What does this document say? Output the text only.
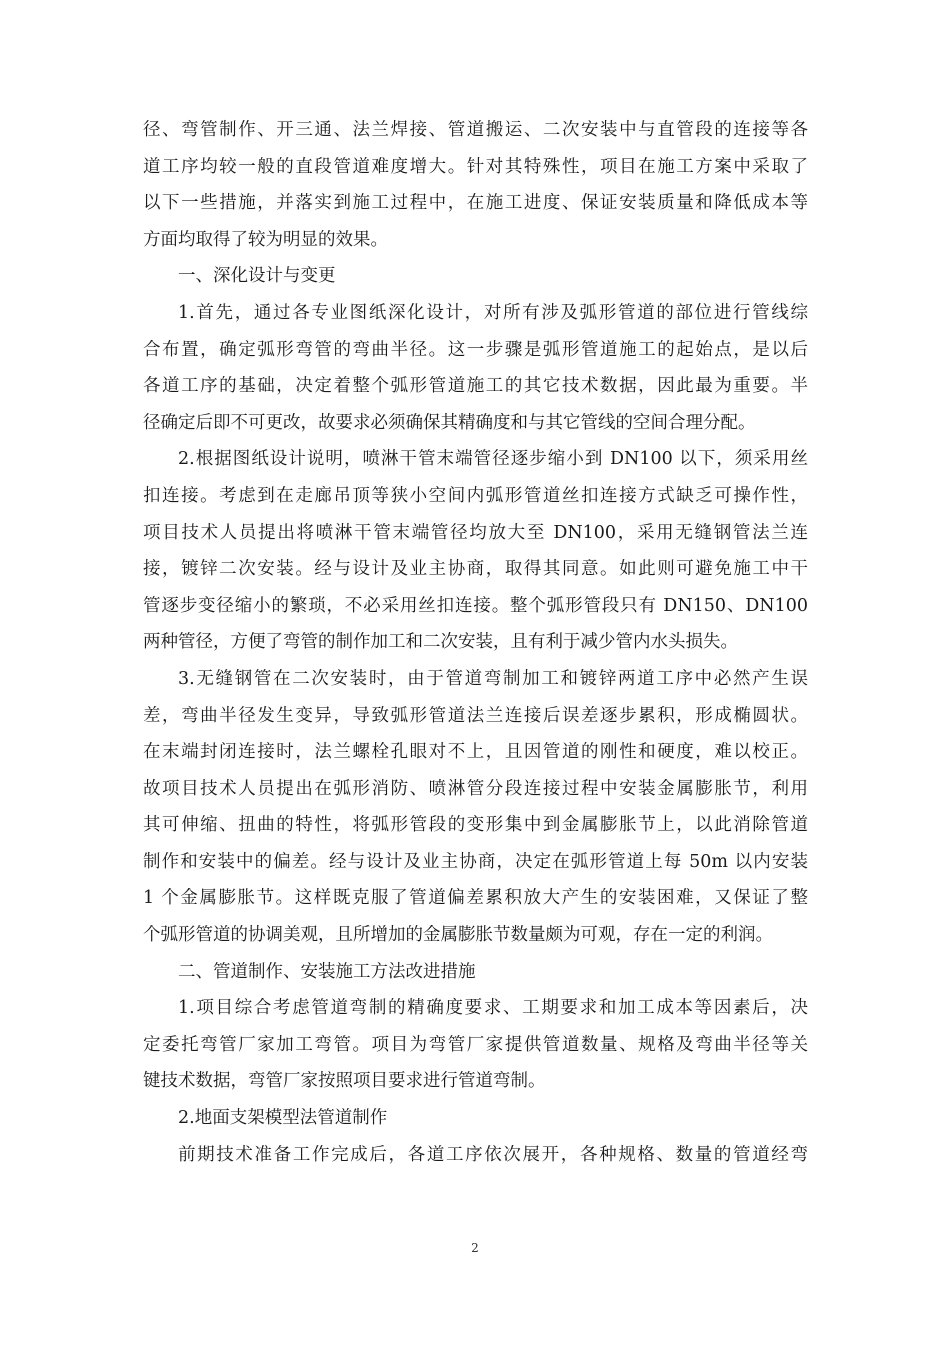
径、弯管制作、开三通、法兰焊接、管道搬运、二次安装中与直管段的连接等各
道工序均较一般的直段管道难度增大。针对其特殊性，项目在施工方案中采取了
以下一些措施，并落实到施工过程中，在施工进度、保证安装质量和降低成本等
方面均取得了较为明显的效果。
一、深化设计与变更
1.首先，通过各专业图纸深化设计，对所有涉及弧形管道的部位进行管线综
合布置，确定弧形弯管的弯曲半径。这一步骤是弧形管道施工的起始点，是以后
各道工序的基础，决定着整个弧形管道施工的其它技术数据，因此最为重要。半
径确定后即不可更改，故要求必须确保其精确度和与其它管线的空间合理分配。
2.根据图纸设计说明，喷淋干管末端管径逐步缩小到 DN100 以下，须采用丝
扣连接。考虑到在走廊吊顶等狭小空间内弧形管道丝扣连接方式缺乏可操作性，
项目技术人员提出将喷淋干管末端管径均放大至 DN100，采用无缝钢管法兰连
接，镀锌二次安装。经与设计及业主协商，取得其同意。如此则可避免施工中干
管逐步变径缩小的繁琐，不必采用丝扣连接。整个弧形管段只有 DN150、DN100
两种管径，方便了弯管的制作加工和二次安装，且有利于减少管内水头损失。
3.无缝钢管在二次安装时，由于管道弯制加工和镀锌两道工序中必然产生误
差，弯曲半径发生变异，导致弧形管道法兰连接后误差逐步累积，形成椭圆状。
在末端封闭连接时，法兰螺栓孔眼对不上，且因管道的刚性和硬度，难以校正。
故项目技术人员提出在弧形消防、喷淋管分段连接过程中安装金属膨胀节，利用
其可伸缩、扭曲的特性，将弧形管段的变形集中到金属膨胀节上，以此消除管道
制作和安装中的偏差。经与设计及业主协商，决定在弧形管道上每 50m 以内安装
1 个金属膨胀节。这样既克服了管道偏差累积放大产生的安装困难，又保证了整
个弧形管道的协调美观，且所增加的金属膨胀节数量颇为可观，存在一定的利润。
二、管道制作、安装施工方法改进措施
1.项目综合考虑管道弯制的精确度要求、工期要求和加工成本等因素后，决
定委托弯管厂家加工弯管。项目为弯管厂家提供管道数量、规格及弯曲半径等关
键技术数据，弯管厂家按照项目要求进行管道弯制。
2.地面支架模型法管道制作
前期技术准备工作完成后，各道工序依次展开，各种规格、数量的管道经弯
2
